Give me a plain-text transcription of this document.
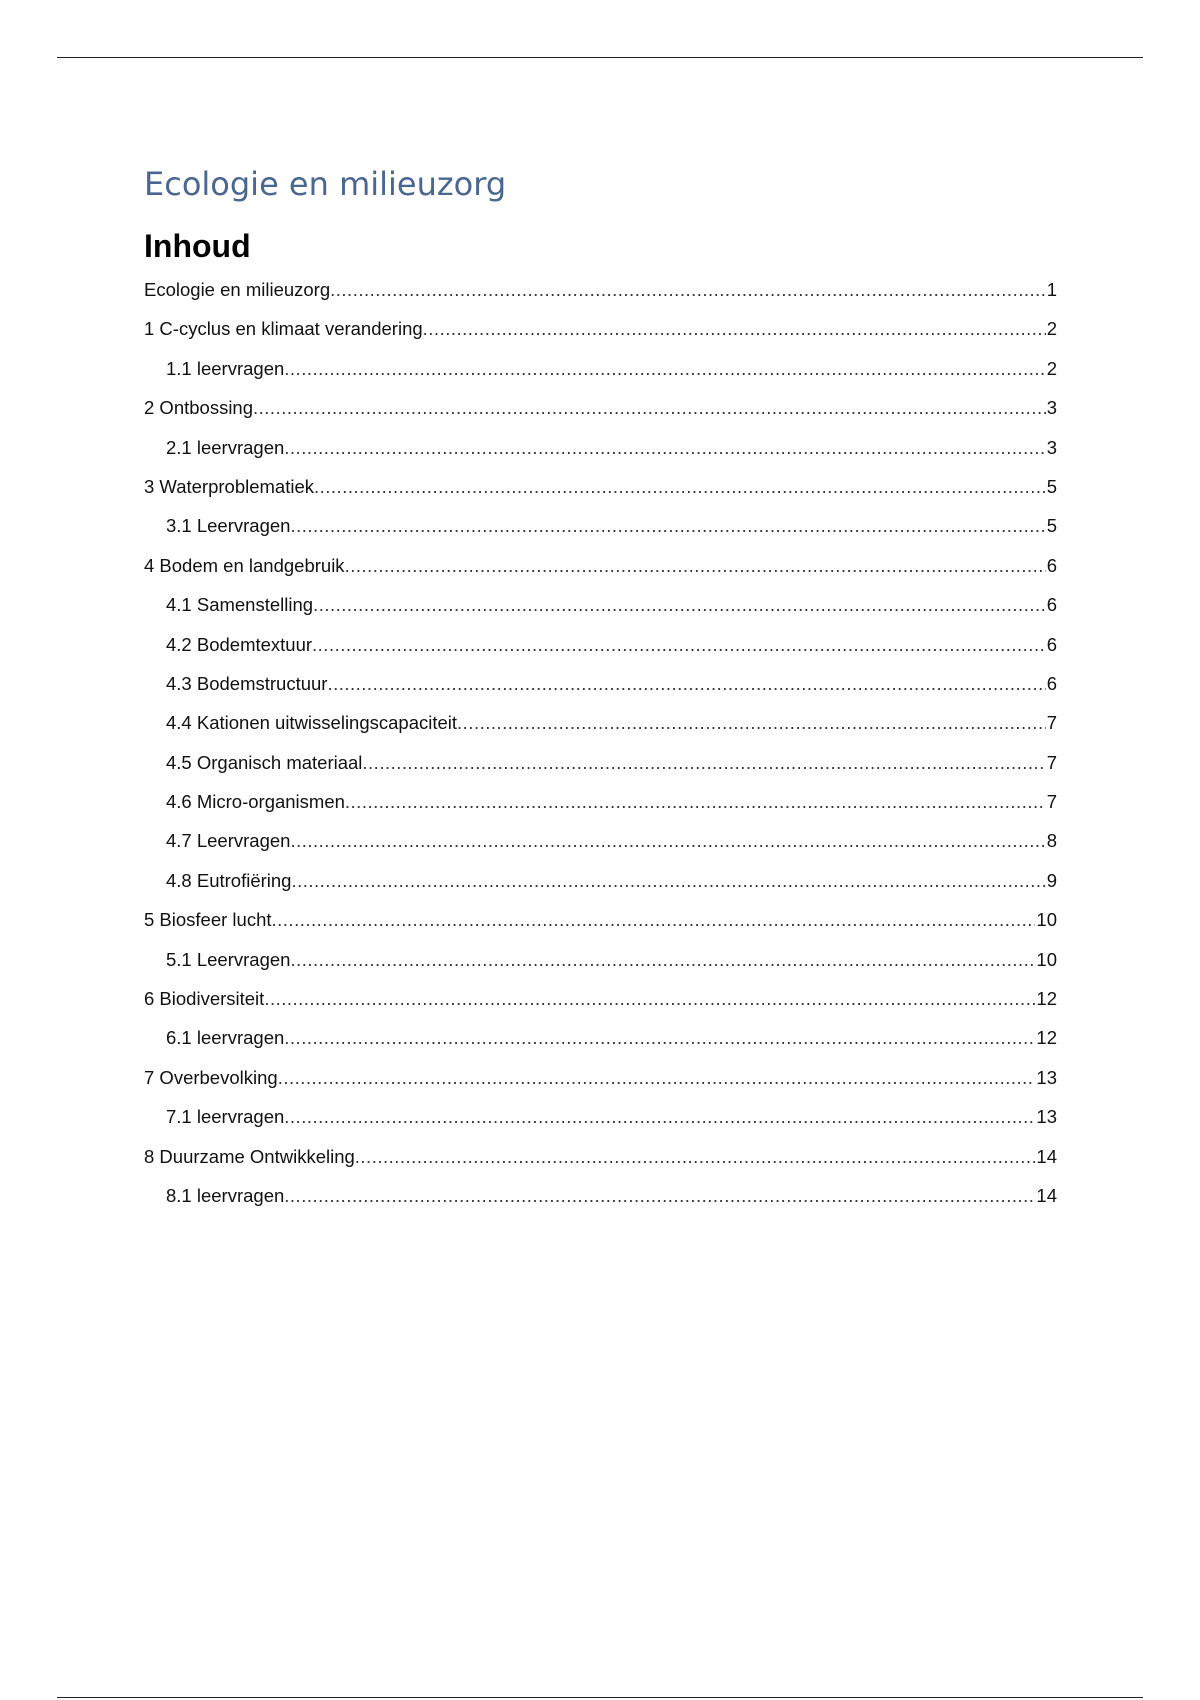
Ecologie en milieuzorg
Inhoud
Ecologie en milieuzorg .....	1
1 C-cyclus en klimaat verandering .....	2
1.1 leervragen .....	2
2 Ontbossing .....	3
2.1 leervragen .....	3
3 Waterproblematiek .....	5
3.1 Leervragen .....	5
4 Bodem en landgebruik .....	6
4.1 Samenstelling .....	6
4.2 Bodemtextuur .....	6
4.3 Bodemstructuur .....	6
4.4 Kationen uitwisselingscapaciteit .....	7
4.5 Organisch materiaal .....	7
4.6 Micro-organismen .....	7
4.7 Leervragen .....	8
4.8 Eutrofiëring .....	9
5 Biosfeer lucht .....	10
5.1 Leervragen .....	10
6 Biodiversiteit .....	12
6.1 leervragen .....	12
7 Overbevolking .....	13
7.1 leervragen .....	13
8 Duurzame Ontwikkeling .....	14
8.1 leervragen .....	14
